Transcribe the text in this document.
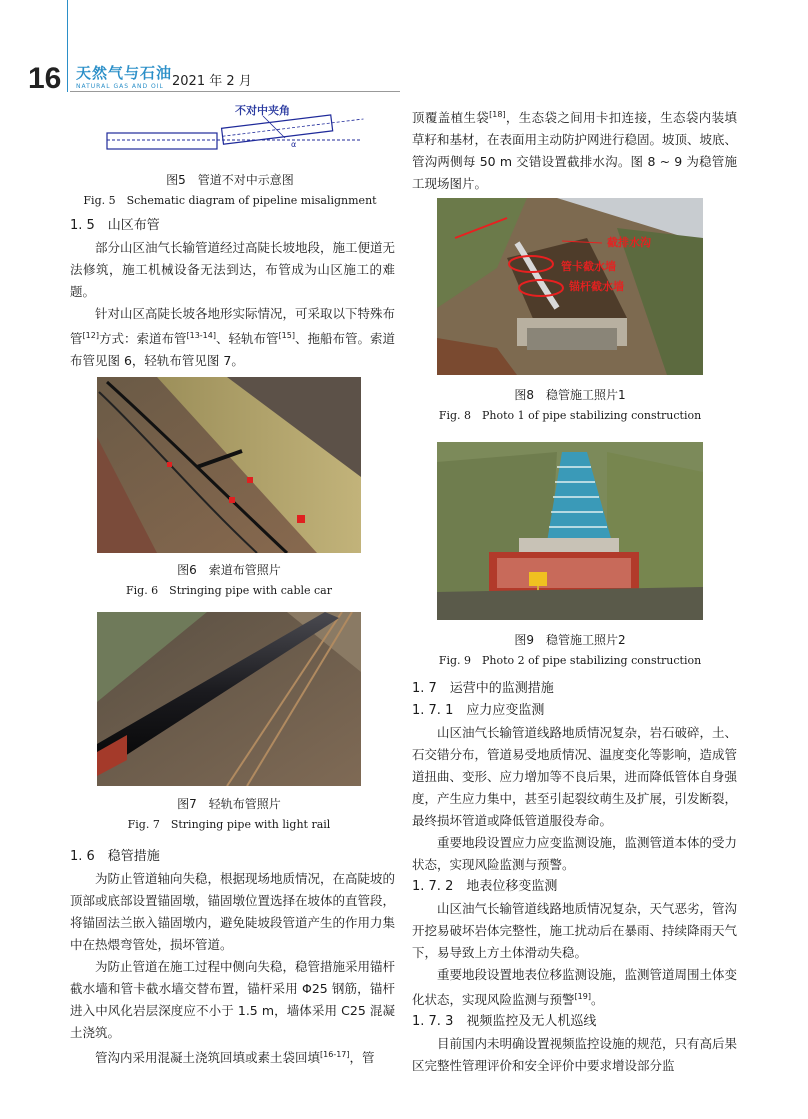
16 天然气与石油
NATURAL GAS AND OIL 2021 年 2 月
不对中夹角
α
图5　管道不对中示意图
Fig. 5　Schematic diagram of pipeline misalignment

1. 5　山区布管

部分山区油气长输管道经过高陡长坡地段，施工便道无法修筑，施工机械设备无法到达，布管成为山区施工的难题。

针对山区高陡长坡各地形实际情况，可采取以下特殊布管[12]方式：索道布管[13-14]、轻轨布管[15]、拖船布管。索道布管见图 6，轻轨布管见图 7。

图6　索道布管照片
Fig. 6　Stringing pipe with cable car
图7　轻轨布管照片
Fig. 7　Stringing pipe with light rail

1. 6　稳管措施

为防止管道轴向失稳，根据现场地质情况，在高陡坡的顶部或底部设置锚固墩，锚固墩位置选择在坡体的直管段，将锚固法兰嵌入锚固墩内，避免陡坡段管道产生的作用力集中在热煨弯管处，损坏管道。

为防止管道在施工过程中侧向失稳，稳管措施采用锚杆截水墙和管卡截水墙交替布置，锚杆采用 Φ25 钢筋，锚杆进入中风化岩层深度应不小于 1.5 m，墙体采用 C25 混凝土浇筑。

管沟内采用混凝土浇筑回填或素土袋回填[16-17]，管

顶覆盖植生袋[18]，生态袋之间用卡扣连接，生态袋内装填草籽和基材，在表面用主动防护网进行稳固。坡顶、坡底、管沟两侧每 50 m 交错设置截排水沟。图 8 ~ 9 为稳管施工现场图片。

截排水沟
管卡截水墙
锚杆截水墙
图8　稳管施工照片1
Fig. 8　Photo 1 of pipe stabilizing construction
图9　稳管施工照片2
Fig. 9　Photo 2 of pipe stabilizing construction

1. 7　运营中的监测措施

1. 7. 1　应力应变监测

山区油气长输管道线路地质情况复杂，岩石破碎，土、石交错分布，管道易受地质情况、温度变化等影响，造成管道扭曲、变形、应力增加等不良后果，进而降低管体自身强度，产生应力集中，甚至引起裂纹萌生及扩展，引发断裂，最终损坏管道或降低管道服役寿命。

重要地段设置应力应变监测设施，监测管道本体的受力状态，实现风险监测与预警。

1. 7. 2　地表位移变监测

山区油气长输管道线路地质情况复杂，天气恶劣，管沟开挖易破坏岩体完整性，施工扰动后在暴雨、持续降雨天气下，易导致上方土体滑动失稳。

重要地段设置地表位移监测设施，监测管道周围土体变化状态，实现风险监测与预警[19]。

1. 7. 3　视频监控及无人机巡线

目前国内未明确设置视频监控设施的规范，只有高后果区完整性管理评价和安全评价中要求增设部分监
